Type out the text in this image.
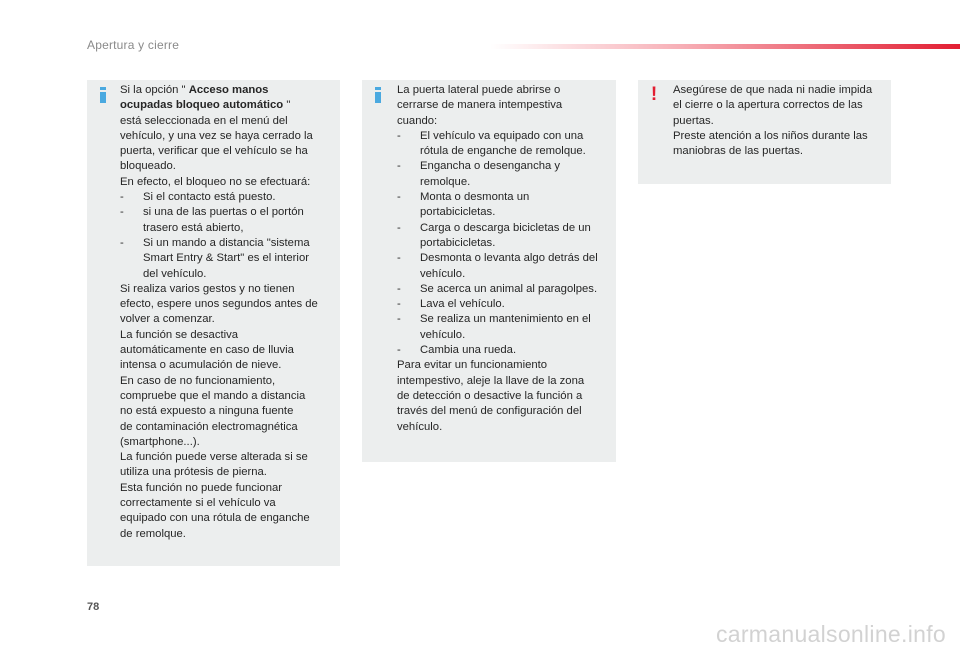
Apertura y cierre
Si la opción " Acceso manos
ocupadas bloqueo automático "
está seleccionada en el menú del
vehículo, y una vez se haya cerrado la
puerta, verificar que el vehículo se ha
bloqueado.
En efecto, el bloqueo no se efectuará:
- Si el contacto está puesto.
- si una de las puertas o el portón
trasero está abierto,
- Si un mando a distancia "sistema
Smart Entry & Start" es el interior
del vehículo.
Si realiza varios gestos y no tienen
efecto, espere unos segundos antes de
volver a comenzar.
La función se desactiva
automáticamente en caso de lluvia
intensa o acumulación de nieve.
En caso de no funcionamiento,
compruebe que el mando a distancia
no está expuesto a ninguna fuente
de contaminación electromagnética
(smartphone...).
La función puede verse alterada si se
utiliza una prótesis de pierna.
Esta función no puede funcionar
correctamente si el vehículo va
equipado con una rótula de enganche
de remolque.
La puerta lateral puede abrirse o
cerrarse de manera intempestiva
cuando:
- El vehículo va equipado con una
rótula de enganche de remolque.
- Engancha o desengancha y
remolque.
- Monta o desmonta un
portabicicletas.
- Carga o descarga bicicletas de un
portabicicletas.
- Desmonta o levanta algo detrás del
vehículo.
- Se acerca un animal al paragolpes.
- Lava el vehículo.
- Se realiza un mantenimiento en el
vehículo.
- Cambia una rueda.
Para evitar un funcionamiento
intempestivo, aleje la llave de la zona
de detección o desactive la función a
través del menú de configuración del
vehículo.
! Asegúrese de que nada ni nadie impida
el cierre o la apertura correctos de las
puertas.
Preste atención a los niños durante las
maniobras de las puertas.
78
carmanualsonline.info
